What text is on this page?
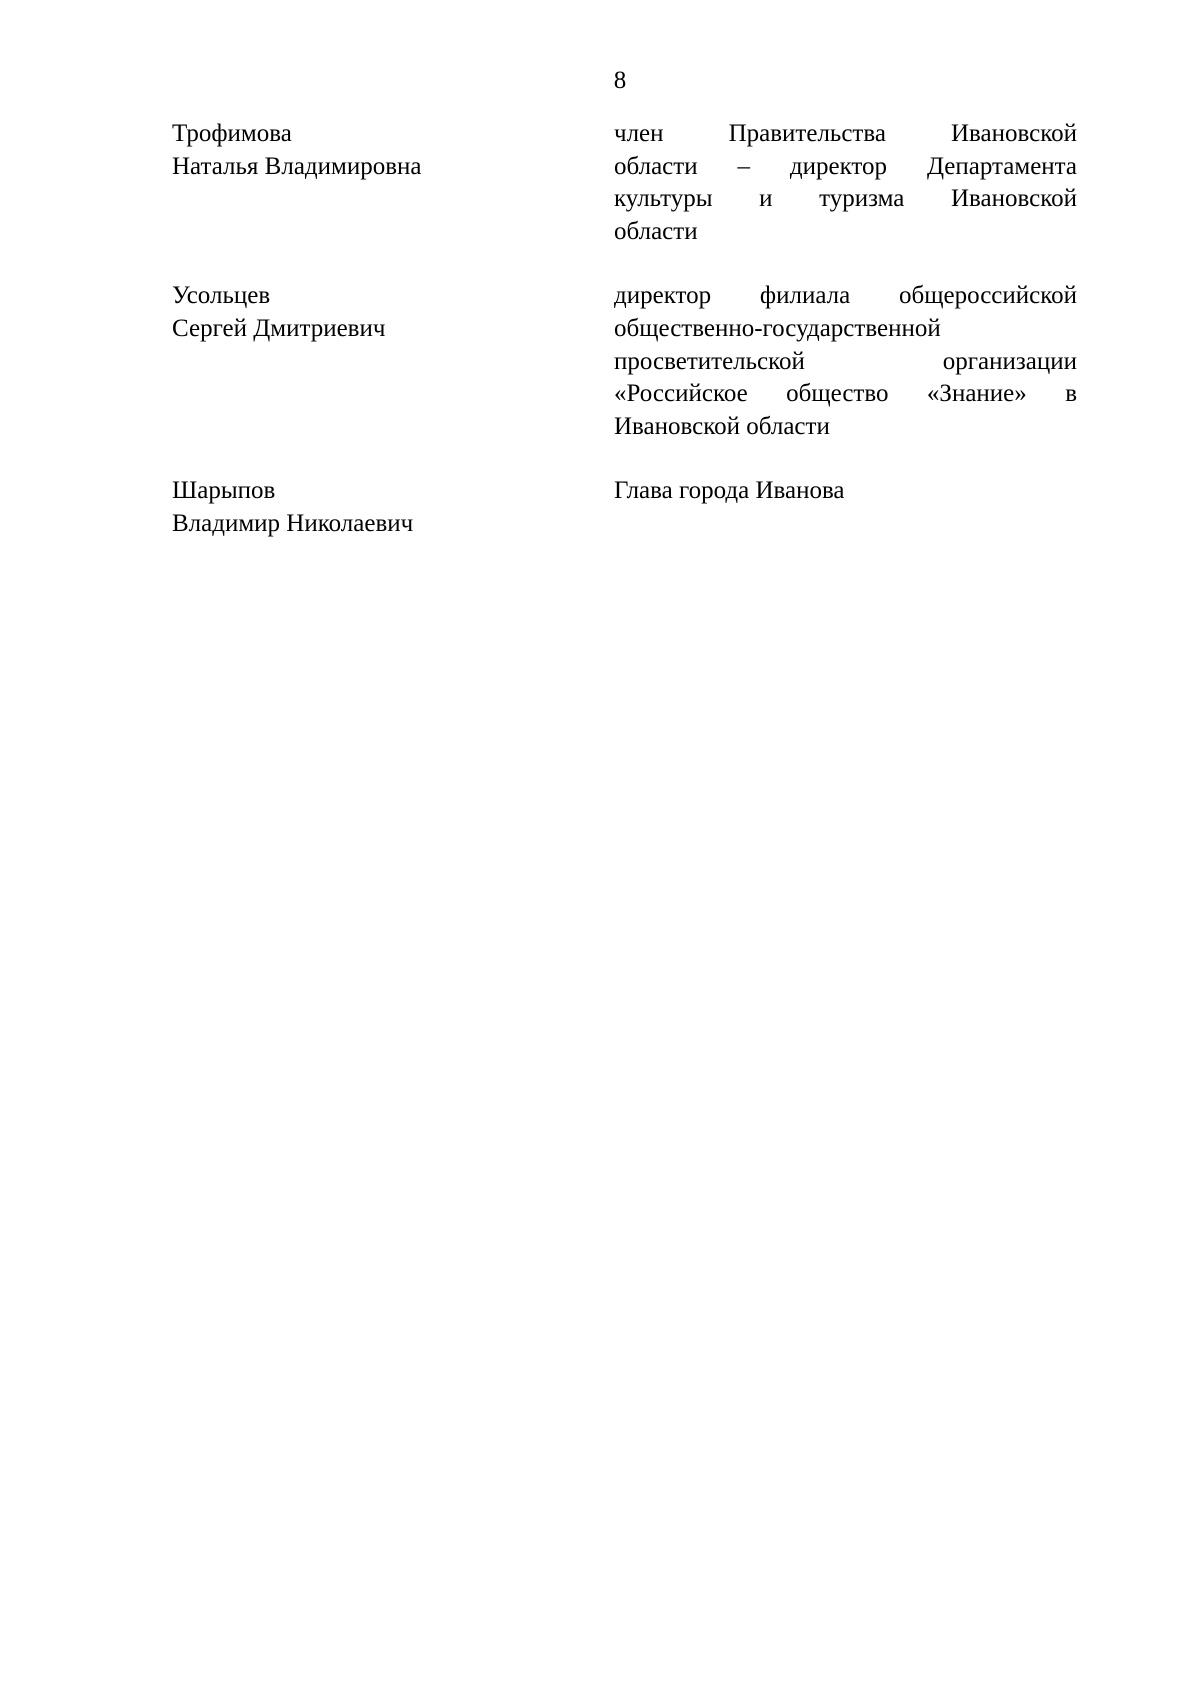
8
Трофимова
Наталья Владимировна
член Правительства Ивановской
области – директор Департамента
культуры и туризма Ивановской
области
Усольцев
Сергей Дмитриевич
директор филиала общероссийской
общественно-государственной
просветительской организации
«Российское общество «Знание» в
Ивановской области
Шарыпов
Владимир Николаевич
Глава города Иванова
